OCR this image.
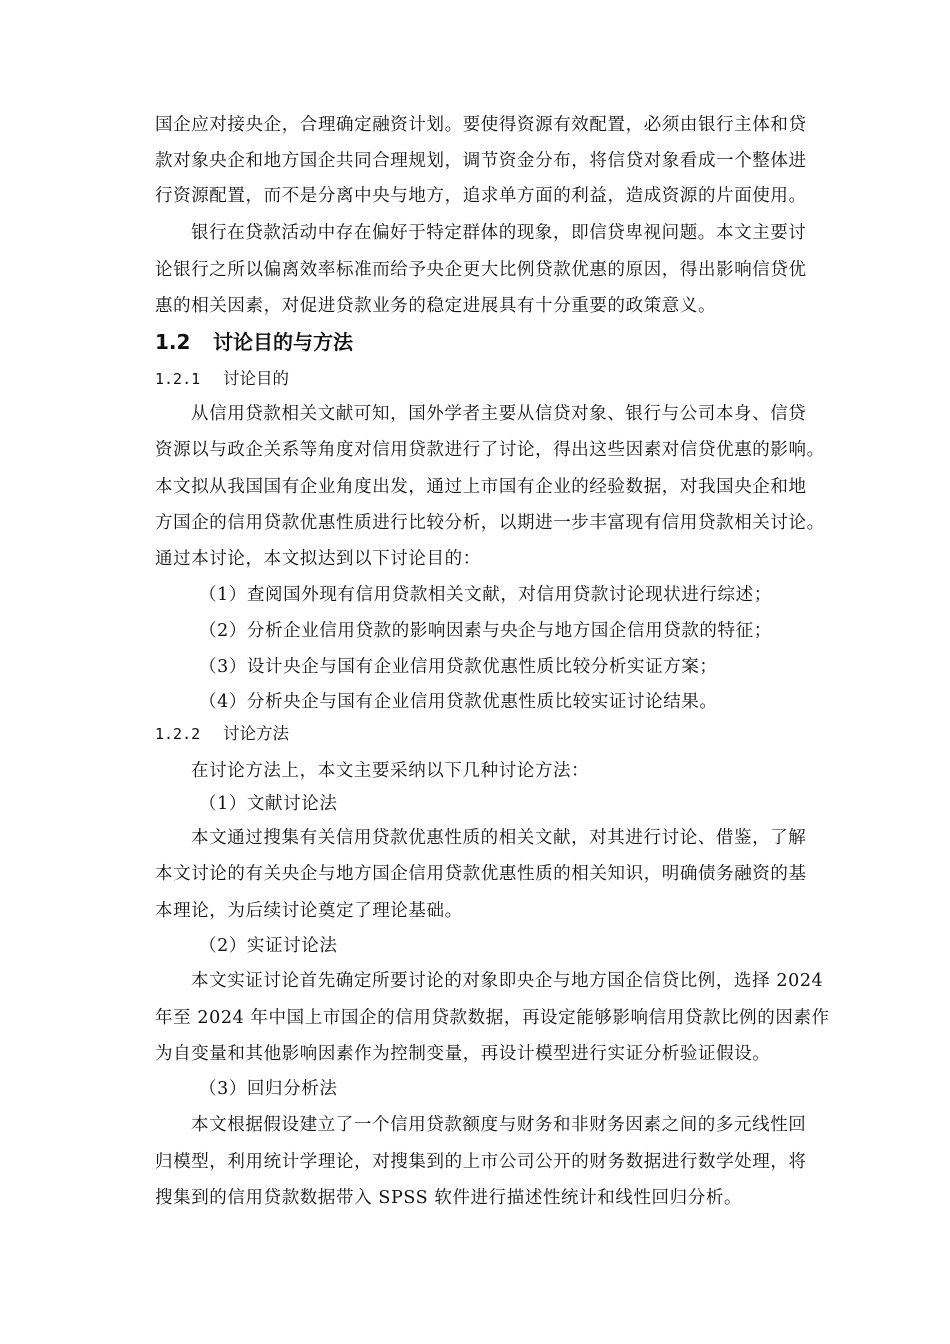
国企应对接央企，合理确定融资计划。要使得资源有效配置，必须由银行主体和贷
款对象央企和地方国企共同合理规划，调节资金分布，将信贷对象看成一个整体进
行资源配置，而不是分离中央与地方，追求单方面的利益，造成资源的片面使用。
银行在贷款活动中存在偏好于特定群体的现象，即信贷卑视问题。本文主要讨
论银行之所以偏离效率标准而给予央企更大比例贷款优惠的原因，得出影响信贷优
惠的相关因素，对促进贷款业务的稳定进展具有十分重要的政策意义。
1.2 讨论目的与方法
1.2.1 讨论目的
从信用贷款相关文献可知，国外学者主要从信贷对象、银行与公司本身、信贷
资源以与政企关系等角度对信用贷款进行了讨论，得出这些因素对信贷优惠的影响。
本文拟从我国国有企业角度出发，通过上市国有企业的经验数据，对我国央企和地
方国企的信用贷款优惠性质进行比较分析，以期进一步丰富现有信用贷款相关讨论。
通过本讨论，本文拟达到以下讨论目的：
（1）查阅国外现有信用贷款相关文献，对信用贷款讨论现状进行综述；
（2）分析企业信用贷款的影响因素与央企与地方国企信用贷款的特征；
（3）设计央企与国有企业信用贷款优惠性质比较分析实证方案；
（4）分析央企与国有企业信用贷款优惠性质比较实证讨论结果。
1.2.2 讨论方法
在讨论方法上，本文主要采纳以下几种讨论方法：
（1）文献讨论法
本文通过搜集有关信用贷款优惠性质的相关文献，对其进行讨论、借鉴，了解
本文讨论的有关央企与地方国企信用贷款优惠性质的相关知识，明确债务融资的基
本理论，为后续讨论奠定了理论基础。
（2）实证讨论法
本文实证讨论首先确定所要讨论的对象即央企与地方国企信贷比例，选择 2024
年至 2024 年中国上市国企的信用贷款数据，再设定能够影响信用贷款比例的因素作
为自变量和其他影响因素作为控制变量，再设计模型进行实证分析验证假设。
（3）回归分析法
本文根据假设建立了一个信用贷款额度与财务和非财务因素之间的多元线性回
归模型，利用统计学理论，对搜集到的上市公司公开的财务数据进行数学处理，将
搜集到的信用贷款数据带入 SPSS 软件进行描述性统计和线性回归分析。
